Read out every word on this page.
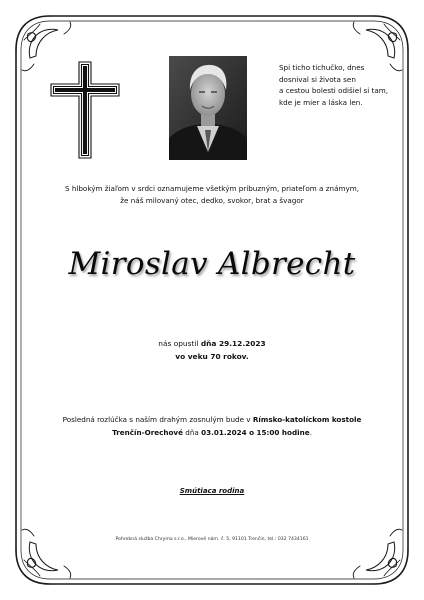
Spi ticho tichučko, dnes
dosnival si života sen
a cestou bolesti odišiel si tam,
kde je mier a láska len.
S hlbokým žiaľom v srdci oznamujeme všetkým príbuzným, priateľom a známym,
že náš milovaný otec, dedko, svokor, brat a švagor
Miroslav Albrecht
nás opustil dňa 29.12.2023
vo veku 70 rokov.
Posledná rozlúčka s naším drahým zosnulým bude v Rímsko-katolíckom kostole
Trenčín-Orechové dňa 03.01.2024 o 15:00 hodine.
Smútiaca rodina
Pohrebná služba Chryma s.r.o., Mierové nám. č. 5, 91101 Trenčín, tel.: 032 7434161
